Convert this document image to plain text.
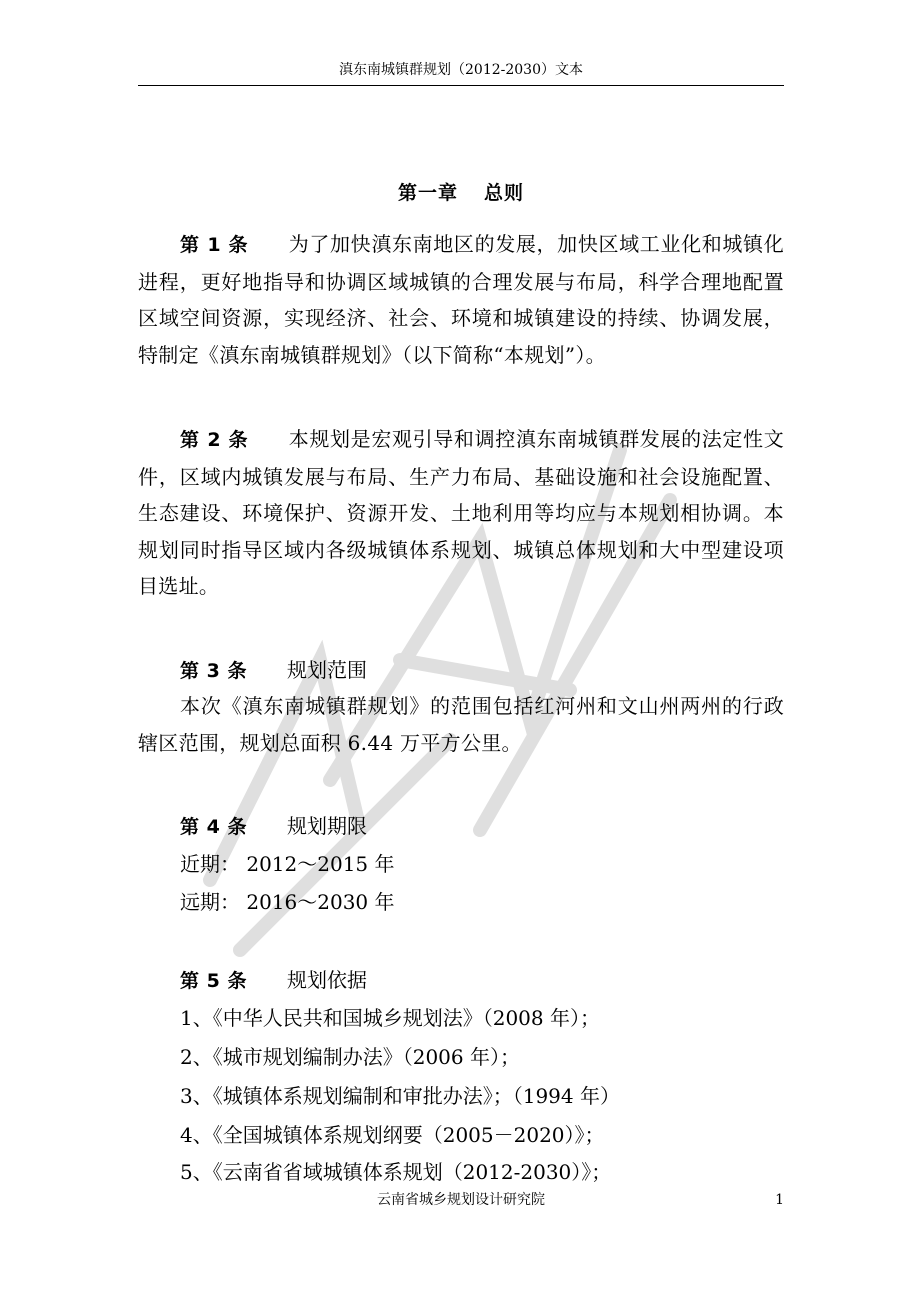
滇东南城镇群规划（2012-2030）文本
第一章 总则
第 1 条 为了加快滇东南地区的发展，加快区域工业化和城镇化进程，更好地指导和协调区域城镇的合理发展与布局，科学合理地配置区域空间资源，实现经济、社会、环境和城镇建设的持续、协调发展，特制定《滇东南城镇群规划》（以下简称“本规划”）。
第 2 条 本规划是宏观引导和调控滇东南城镇群发展的法定性文件，区域内城镇发展与布局、生产力布局、基础设施和社会设施配置、生态建设、环境保护、资源开发、土地利用等均应与本规划相协调。本规划同时指导区域内各级城镇体系规划、城镇总体规划和大中型建设项目选址。
第 3 条 规划范围
本次《滇东南城镇群规划》的范围包括红河州和文山州两州的行政辖区范围，规划总面积 6.44 万平方公里。
第 4 条 规划期限
近期： 2012～2015 年
远期： 2016～2030 年
第 5 条 规划依据
1、《中华人民共和国城乡规划法》（2008 年）；
2、《城市规划编制办法》（2006 年）；
3、《城镇体系规划编制和审批办法》；（1994 年）
4、《全国城镇体系规划纲要（2005－2020）》；
5、《云南省省域城镇体系规划（2012-2030）》；
云南省城乡规划设计研究院	1
